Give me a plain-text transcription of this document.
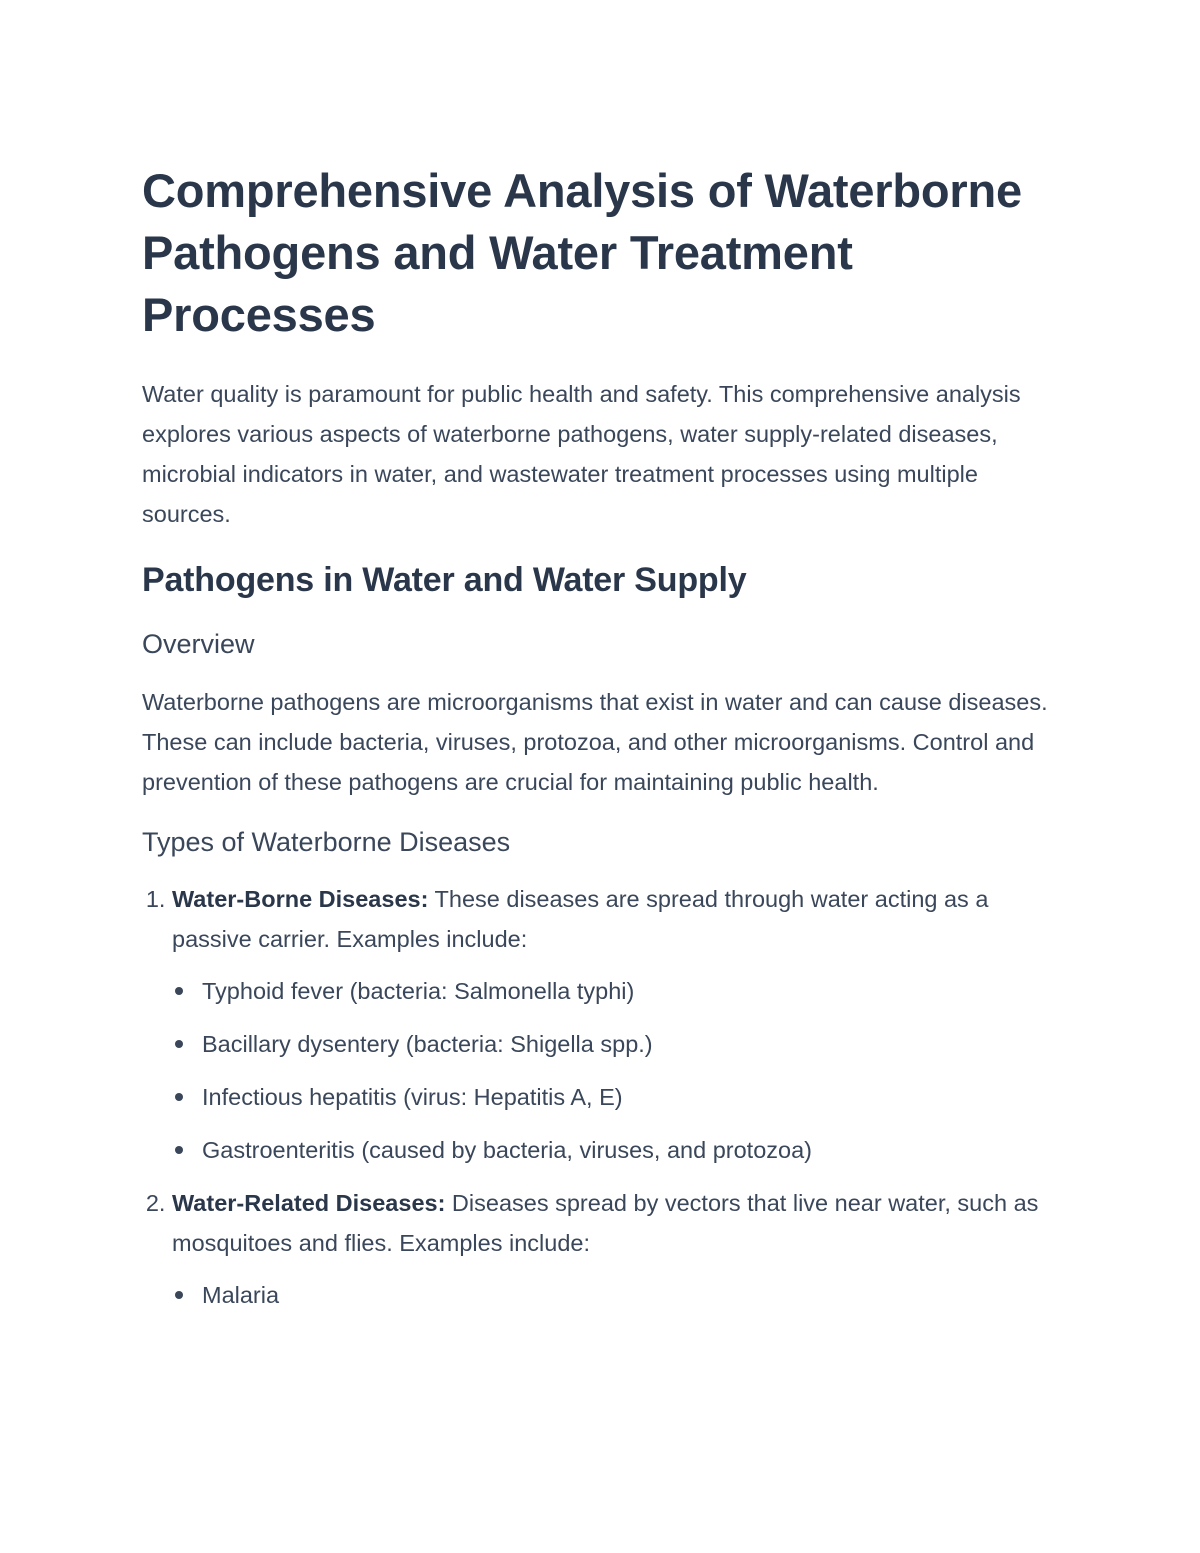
Comprehensive Analysis of Waterborne Pathogens and Water Treatment Processes

Water quality is paramount for public health and safety. This comprehensive analysis explores various aspects of waterborne pathogens, water supply-related diseases, microbial indicators in water, and wastewater treatment processes using multiple sources.

Pathogens in Water and Water Supply
Overview

Waterborne pathogens are microorganisms that exist in water and can cause diseases. These can include bacteria, viruses, protozoa, and other microorganisms. Control and prevention of these pathogens are crucial for maintaining public health.

Types of Waterborne Diseases
1. Water-Borne Diseases: These diseases are spread through water acting as a passive carrier. Examples include:
Typhoid fever (bacteria: Salmonella typhi)
Bacillary dysentery (bacteria: Shigella spp.)
Infectious hepatitis (virus: Hepatitis A, E)
Gastroenteritis (caused by bacteria, viruses, and protozoa)
2. Water-Related Diseases: Diseases spread by vectors that live near water, such as mosquitoes and flies. Examples include:
Malaria
